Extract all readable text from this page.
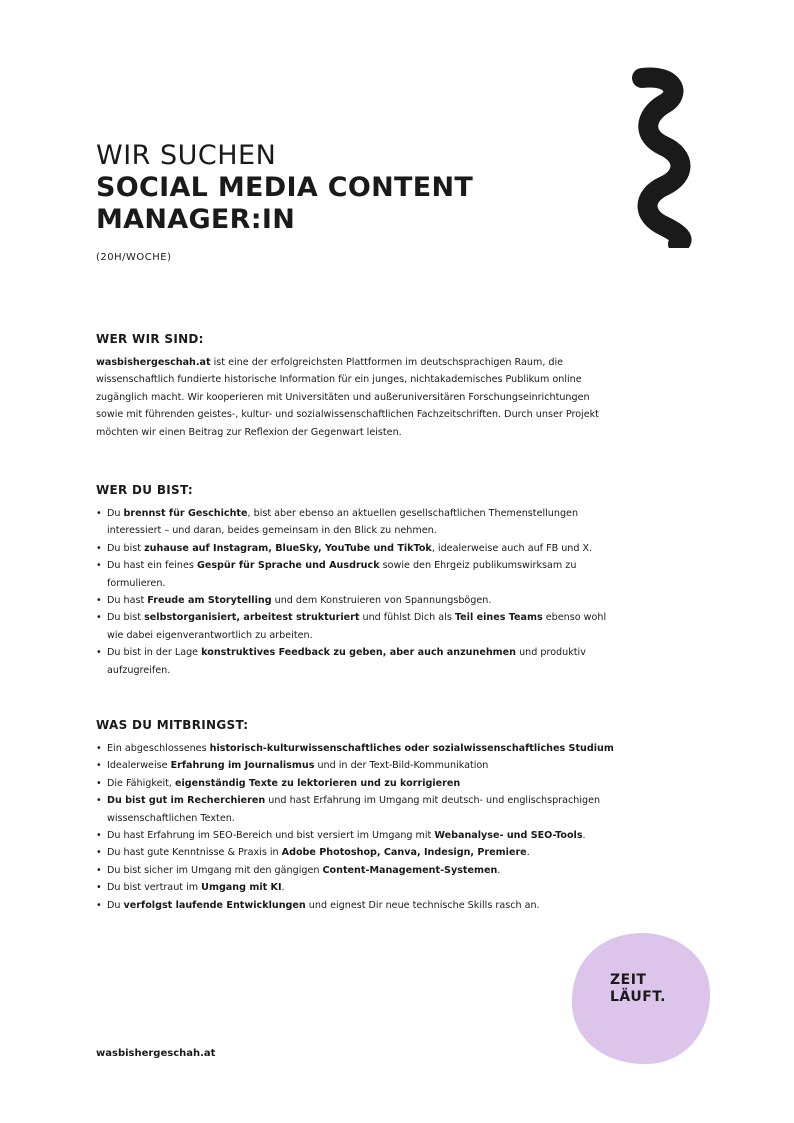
WIR SUCHEN
SOCIAL MEDIA CONTENT
MANAGER:IN
(20H/WOCHE)
WER WIR SIND:

wasbishergeschah.at ist eine der erfolgreichsten Plattformen im deutschsprachigen Raum, die wissenschaftlich fundierte historische Information für ein junges, nichtakademisches Publikum online zugänglich macht. Wir kooperieren mit Universitäten und außeruniversitären Forschungseinrichtungen sowie mit führenden geistes-, kultur- und sozialwissenschaftlichen Fachzeitschriften. Durch unser Projekt möchten wir einen Beitrag zur Reflexion der Gegenwart leisten.

WER DU BIST:
• Du brennst für Geschichte, bist aber ebenso an aktuellen gesellschaftlichen Themenstellungen interessiert – und daran, beides gemeinsam in den Blick zu nehmen.
• Du bist zuhause auf Instagram, BlueSky, YouTube und TikTok, idealerweise auch auf FB und X.
• Du hast ein feines Gespür für Sprache und Ausdruck sowie den Ehrgeiz publikumswirksam zu formulieren.
• Du hast Freude am Storytelling und dem Konstruieren von Spannungsbögen.
• Du bist selbstorganisiert, arbeitest strukturiert und fühlst Dich als Teil eines Teams ebenso wohl wie dabei eigenverantwortlich zu arbeiten.
• Du bist in der Lage konstruktives Feedback zu geben, aber auch anzunehmen und produktiv aufzugreifen.
WAS DU MITBRINGST:
• Ein abgeschlossenes historisch-kulturwissenschaftliches oder sozialwissenschaftliches Studium
• Idealerweise Erfahrung im Journalismus und in der Text-Bild-Kommunikation
• Die Fähigkeit, eigenständig Texte zu lektorieren und zu korrigieren
• Du bist gut im Recherchieren und hast Erfahrung im Umgang mit deutsch- und englischsprachigen wissenschaftlichen Texten.
• Du hast Erfahrung im SEO-Bereich und bist versiert im Umgang mit Webanalyse- und SEO-Tools.
• Du hast gute Kenntnisse & Praxis in Adobe Photoshop, Canva, Indesign, Premiere.
• Du bist sicher im Umgang mit den gängigen Content-Management-Systemen.
• Du bist vertraut im Umgang mit KI.
• Du verfolgst laufende Entwicklungen und eignest Dir neue technische Skills rasch an.
ZEIT
LÄUFT.
wasbishergeschah.at
